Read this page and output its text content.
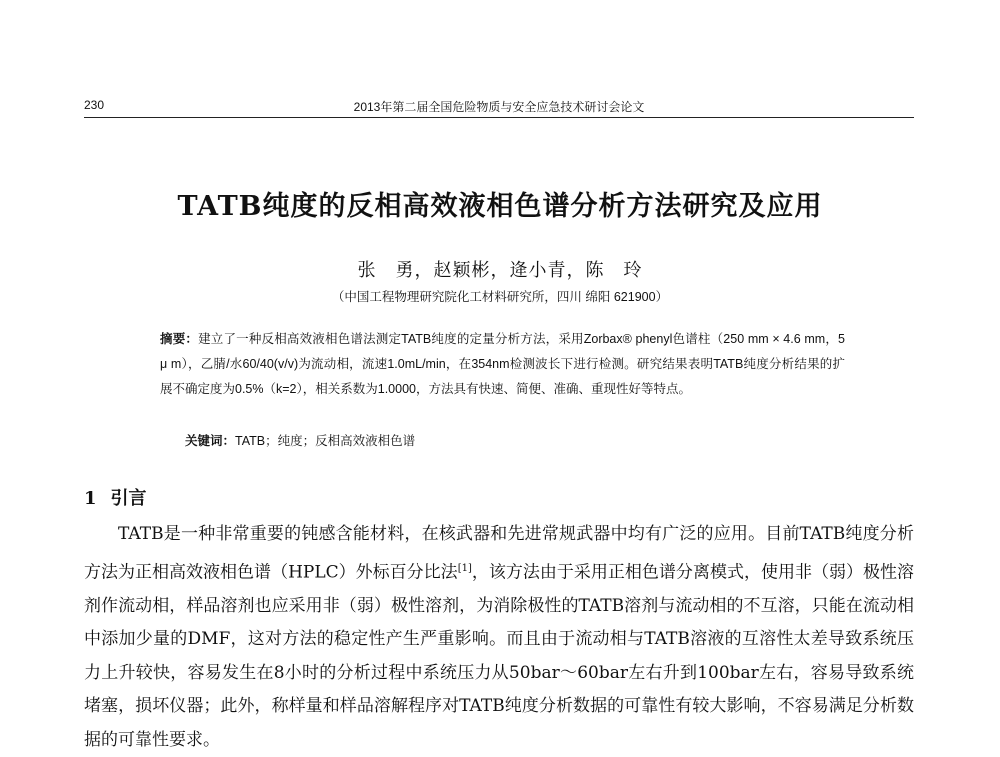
230	2013年第二届全国危险物质与安全应急技术研讨会论文
TATB纯度的反相高效液相色谱分析方法研究及应用
张　勇，赵颖彬，逄小青，陈　玲
（中国工程物理研究院化工材料研究所，四川 绵阳 621900）
摘要：建立了一种反相高效液相色谱法测定TATB纯度的定量分析方法，采用Zorbax® phenyl色谱柱（250 mm × 4.6 mm，5 μ m），乙腈/水60/40(v/v)为流动相，流速1.0mL/min，在354nm检测波长下进行检测。研究结果表明TATB纯度分析结果的扩展不确定度为0.5%（k=2），相关系数为1.0000，方法具有快速、简便、准确、重现性好等特点。
关键词：TATB；纯度；反相高效液相色谱
1 引言

TATB是一种非常重要的钝感含能材料，在核武器和先进常规武器中均有广泛的应用。目前TATB纯度分析方法为正相高效液相色谱（HPLC）外标百分比法[1]，该方法由于采用正相色谱分离模式，使用非（弱）极性溶剂作流动相，样品溶剂也应采用非（弱）极性溶剂，为消除极性的TATB溶剂与流动相的不互溶，只能在流动相中添加少量的DMF，这对方法的稳定性产生严重影响。而且由于流动相与TATB溶液的互溶性太差导致系统压力上升较快，容易发生在8小时的分析过程中系统压力从50bar～60bar左右升到100bar左右，容易导致系统堵塞，损坏仪器；此外，称样量和样品溶解程序对TATB纯度分析数据的可靠性有较大影响，不容易满足分析数据的可靠性要求。
